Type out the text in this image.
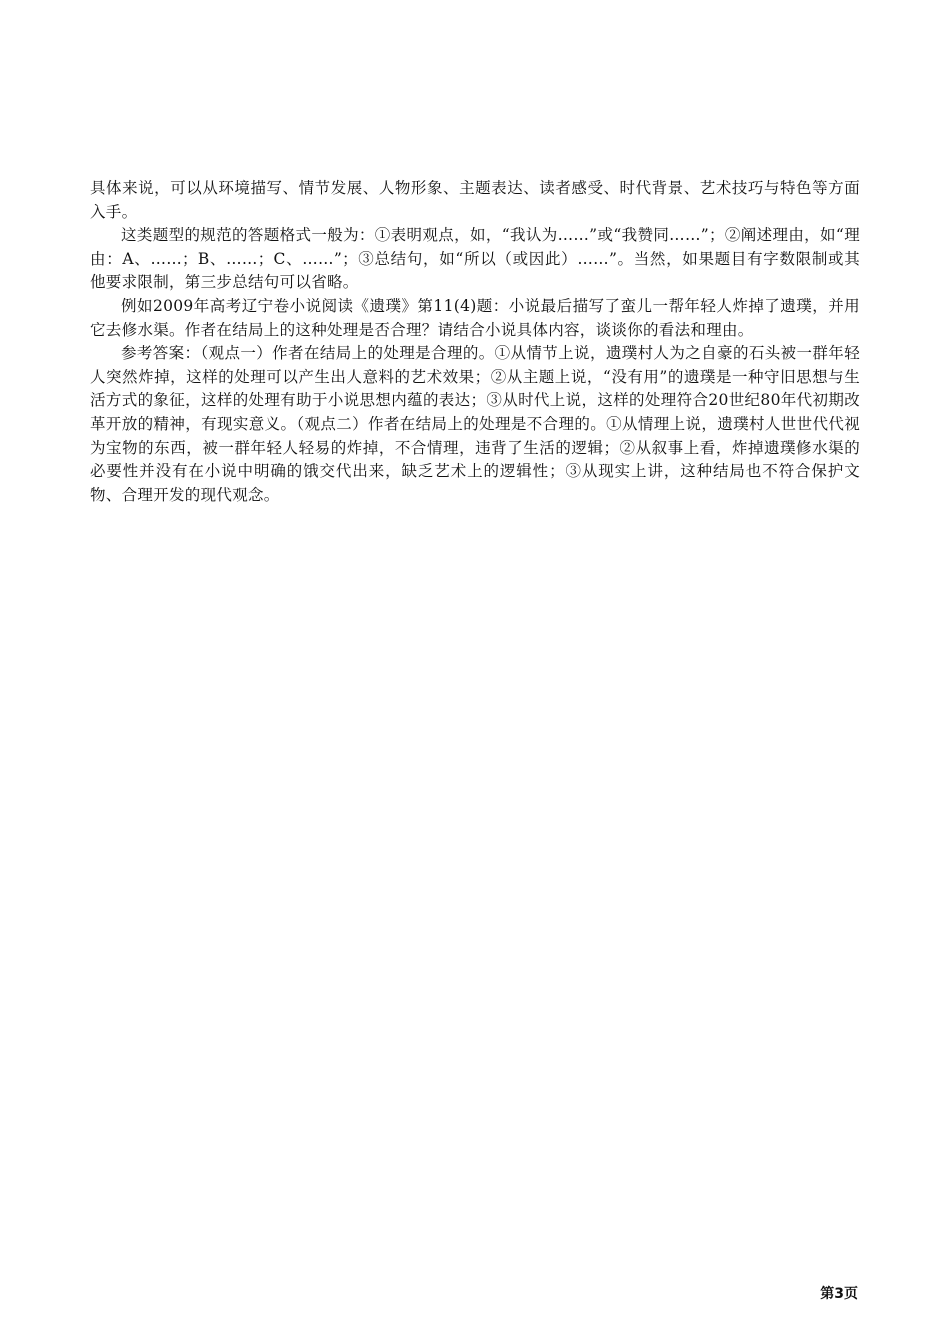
具体来说，可以从环境描写、情节发展、人物形象、主题表达、读者感受、时代背景、艺术技巧与特色等方面入手。

这类题型的规范的答题格式一般为：①表明观点，如，“我认为……”或“我赞同……”；②阐述理由，如“理由：A、……；B、……；C、……”；③总结句，如“所以（或因此）……”。当然，如果题目有字数限制或其他要求限制，第三步总结句可以省略。

例如2009年高考辽宁卷小说阅读《遗璞》第11(4)题：小说最后描写了蛮儿一帮年轻人炸掉了遗璞，并用它去修水渠。作者在结局上的这种处理是否合理？请结合小说具体内容，谈谈你的看法和理由。

参考答案：（观点一）作者在结局上的处理是合理的。①从情节上说，遗璞村人为之自豪的石头被一群年轻人突然炸掉，这样的处理可以产生出人意料的艺术效果；②从主题上说，“没有用”的遗璞是一种守旧思想与生活方式的象征，这样的处理有助于小说思想内蕴的表达；③从时代上说，这样的处理符合20世纪80年代初期改革开放的精神，有现实意义。（观点二）作者在结局上的处理是不合理的。①从情理上说，遗璞村人世世代代视为宝物的东西，被一群年轻人轻易的炸掉，不合情理，违背了生活的逻辑；②从叙事上看，炸掉遗璞修水渠的必要性并没有在小说中明确的饿交代出来，缺乏艺术上的逻辑性；③从现实上讲，这种结局也不符合保护文物、合理开发的现代观念。

第3页
